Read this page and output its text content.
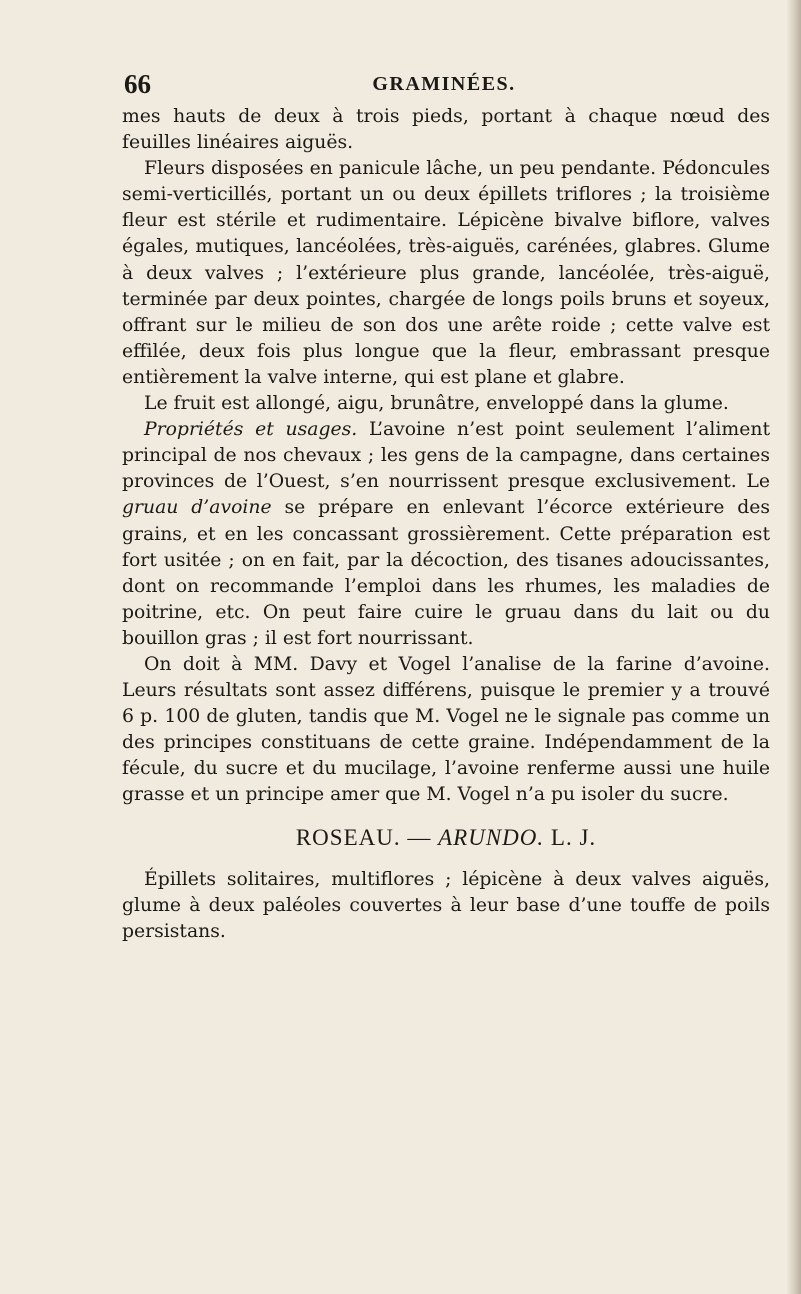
66	GRAMINÉES.

mes hauts de deux à trois pieds, portant à chaque nœud des feuilles linéaires aiguës.

Fleurs disposées en panicule lâche, un peu pendante. Pédoncules semi-verticillés, portant un ou deux épillets triflores ; la troisième fleur est stérile et rudimentaire. Lépicène bivalve biflore, valves égales, mutiques, lancéolées, très-aiguës, carénées, glabres. Glume à deux valves ; l’extérieure plus grande, lancéolée, très-aiguë, terminée par deux pointes, chargée de longs poils bruns et soyeux, offrant sur le milieu de son dos une arête roide ; cette valve est effilée, deux fois plus longue que la fleur, embrassant presque entièrement la valve interne, qui est plane et glabre.

Le fruit est allongé, aigu, brunâtre, enveloppé dans la glume.

Propriétés et usages. L’avoine n’est point seulement l’aliment principal de nos chevaux ; les gens de la campagne, dans certaines provinces de l’Ouest, s’en nourrissent presque exclusivement. Le gruau d’avoine se prépare en enlevant l’écorce extérieure des grains, et en les concassant grossièrement. Cette préparation est fort usitée ; on en fait, par la décoction, des tisanes adoucissantes, dont on recommande l’emploi dans les rhumes, les maladies de poitrine, etc. On peut faire cuire le gruau dans du lait ou du bouillon gras ; il est fort nourrissant.

On doit à MM. Davy et Vogel l’analise de la farine d’avoine. Leurs résultats sont assez différens, puisque le premier y a trouvé 6 p. 100 de gluten, tandis que M. Vogel ne le signale pas comme un des principes constituans de cette graine. Indépendamment de la fécule, du sucre et du mucilage, l’avoine renferme aussi une huile grasse et un principe amer que M. Vogel n’a pu isoler du sucre.

ROSEAU. — ARUNDO. L. J.

Épillets solitaires, multiflores ; lépicène à deux valves aiguës, glume à deux paléoles couvertes à leur base d’une touffe de poils persistans.
